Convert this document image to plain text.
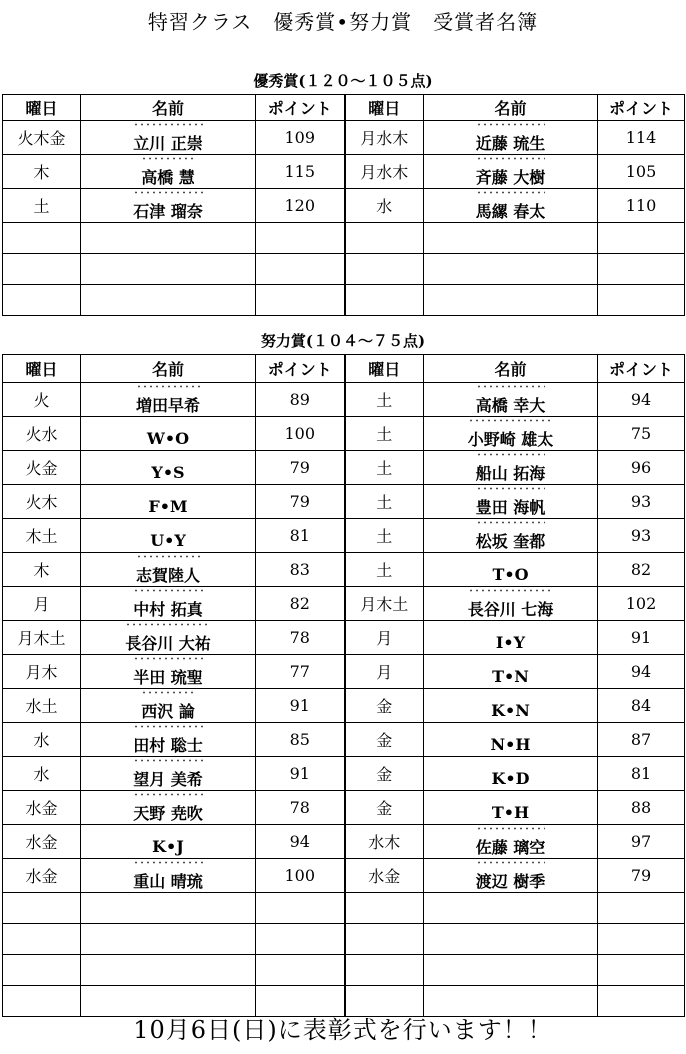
特習クラス　優秀賞•努力賞　受賞者名簿
優秀賞(１２０～１０５点)
曜日	名前	ポイント	曜日	名前	ポイント
火木金	立川 正崇	109	月水木	近藤 琉生	114
木	高橋 慧	115	月水木	斉藤 大樹	105
土	石津 瑠奈	120	水	馬縲 春太	110

努力賞(１０４～７５点)
曜日	名前	ポイント	曜日	名前	ポイント
火	増田早希	89	土	高橋 幸大	94
火水	W•O	100	土	小野崎 雄太	75
火金	Y•S	79	土	船山 拓海	96
火木	F•M	79	土	豊田 海帆	93
木土	U•Y	81	土	松坂 奎都	93
木	志賀陸人	83	土	T•O	82
月	中村 拓真	82	月木土	長谷川 七海	102
月木土	長谷川 大祐	78	月	I•Y	91
月木	半田 琉聖	77	月	T•N	94
水土	西沢 論	91	金	K•N	84
水	田村 聡士	85	金	N•H	87
水	望月 美希	91	金	K•D	81
水金	天野 尭吹	78	金	T•H	88
水金	K•J	94	水木	佐藤 璃空	97
水金	重山 晴琉	100	水金	渡辺 樹季	79

10月6日(日)に表彰式を行います！！
